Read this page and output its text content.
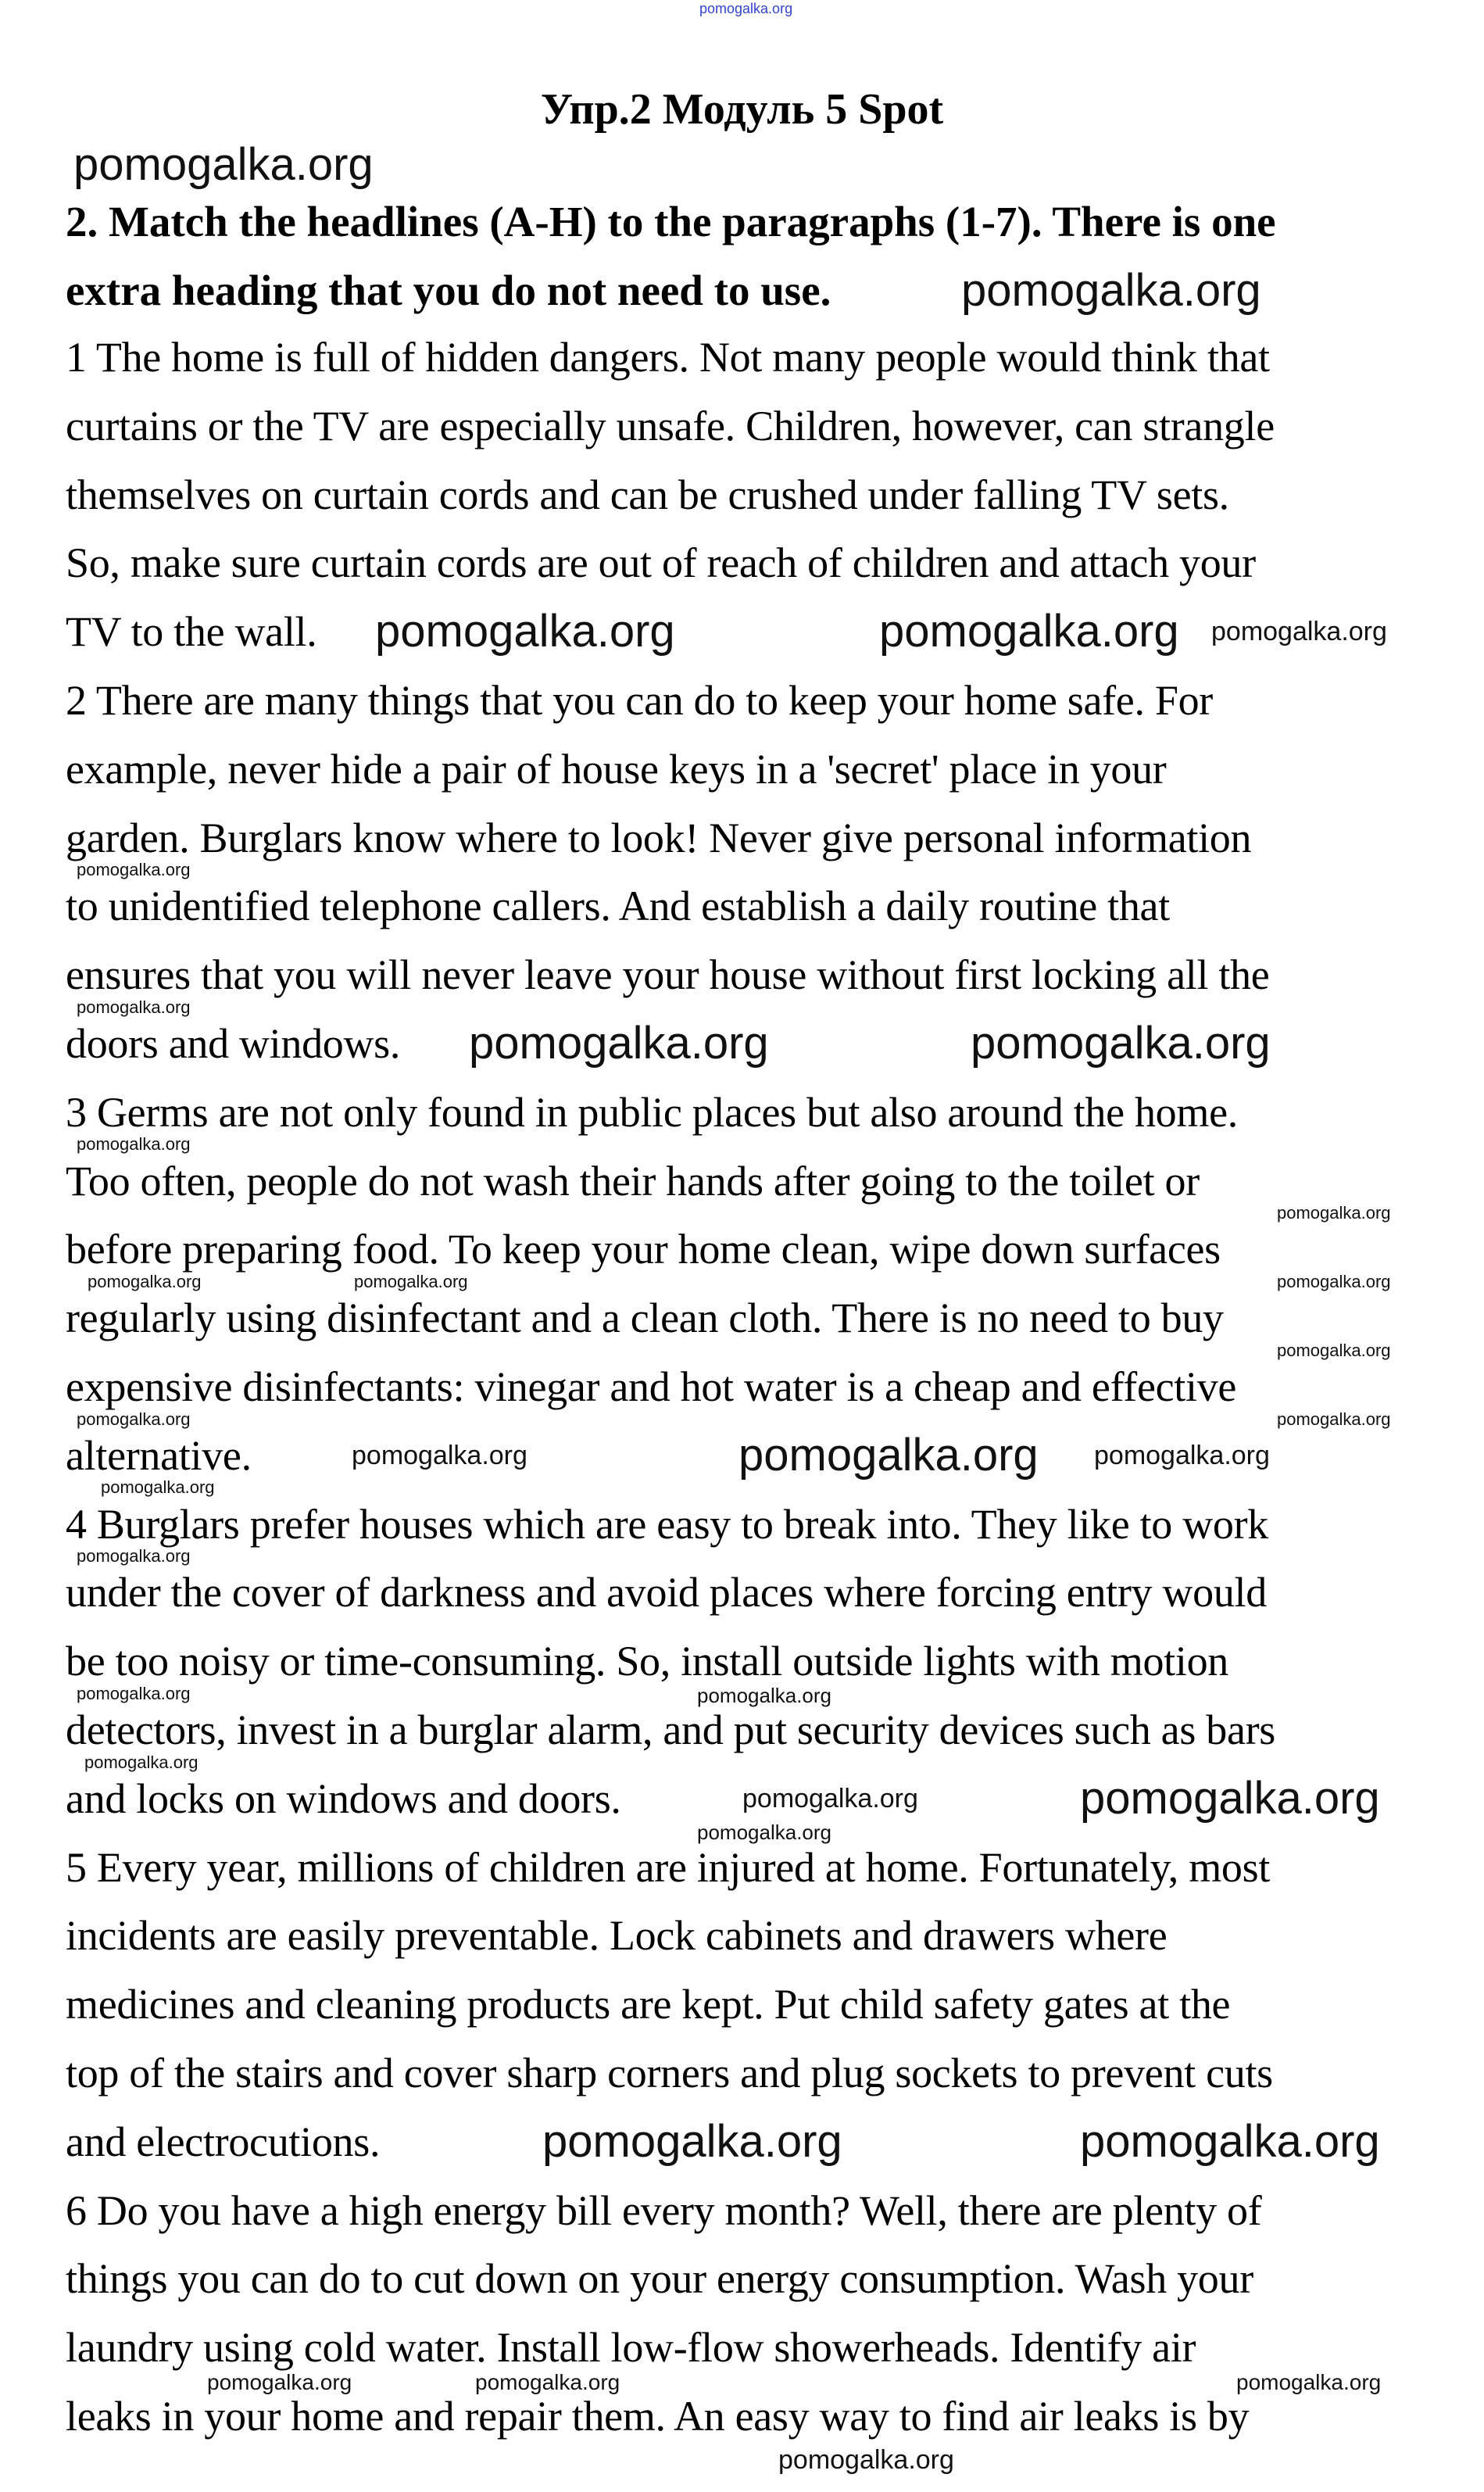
pomogalka.org
Упр.2 Модуль 5 Spot
2. Match the headlines (A-H) to the paragraphs (1-7). There is one
extra heading that you do not need to use.
1 The home is full of hidden dangers. Not many people would think that
curtains or the TV are especially unsafe. Children, however, can strangle
themselves on curtain cords and can be crushed under falling TV sets.
So, make sure curtain cords are out of reach of children and attach your
TV to the wall.
2 There are many things that you can do to keep your home safe. For
example, never hide a pair of house keys in a 'secret' place in your
garden. Burglars know where to look! Never give personal information
to unidentified telephone callers. And establish a daily routine that
ensures that you will never leave your house without first locking all the
doors and windows.
3 Germs are not only found in public places but also around the home.
Too often, people do not wash their hands after going to the toilet or
before preparing food. To keep your home clean, wipe down surfaces
regularly using disinfectant and a clean cloth. There is no need to buy
expensive disinfectants: vinegar and hot water is a cheap and effective
alternative.
4 Burglars prefer houses which are easy to break into. They like to work
under the cover of darkness and avoid places where forcing entry would
be too noisy or time-consuming. So, install outside lights with motion
detectors, invest in a burglar alarm, and put security devices such as bars
and locks on windows and doors.
5 Every year, millions of children are injured at home. Fortunately, most
incidents are easily preventable. Lock cabinets and drawers where
medicines and cleaning products are kept. Put child safety gates at the
top of the stairs and cover sharp corners and plug sockets to prevent cuts
and electrocutions.
6 Do you have a high energy bill every month? Well, there are plenty of
things you can do to cut down on your energy consumption. Wash your
laundry using cold water. Install low-flow showerheads. Identify air
leaks in your home and repair them. An easy way to find air leaks is by
pomogalka.org
pomogalka.org
pomogalka.org	pomogalka.org pomogalka.org
pomogalka.org	pomogalka.org
pomogalka.org	pomogalka.org pomogalka.org
pomogalka.org	pomogalka.org
pomogalka.org	pomogalka.org
pomogalka.org
pomogalka.org
pomogalka.org
pomogalka.org
pomogalka.org
pomogalka.org	pomogalka.org	pomogalka.org
pomogalka.org
pomogalka.org	pomogalka.org
pomogalka.org
pomogalka.org
pomogalka.org
pomogalka.org
pomogalka.org
pomogalka.org
pomogalka.org	pomogalka.org	pomogalka.org
